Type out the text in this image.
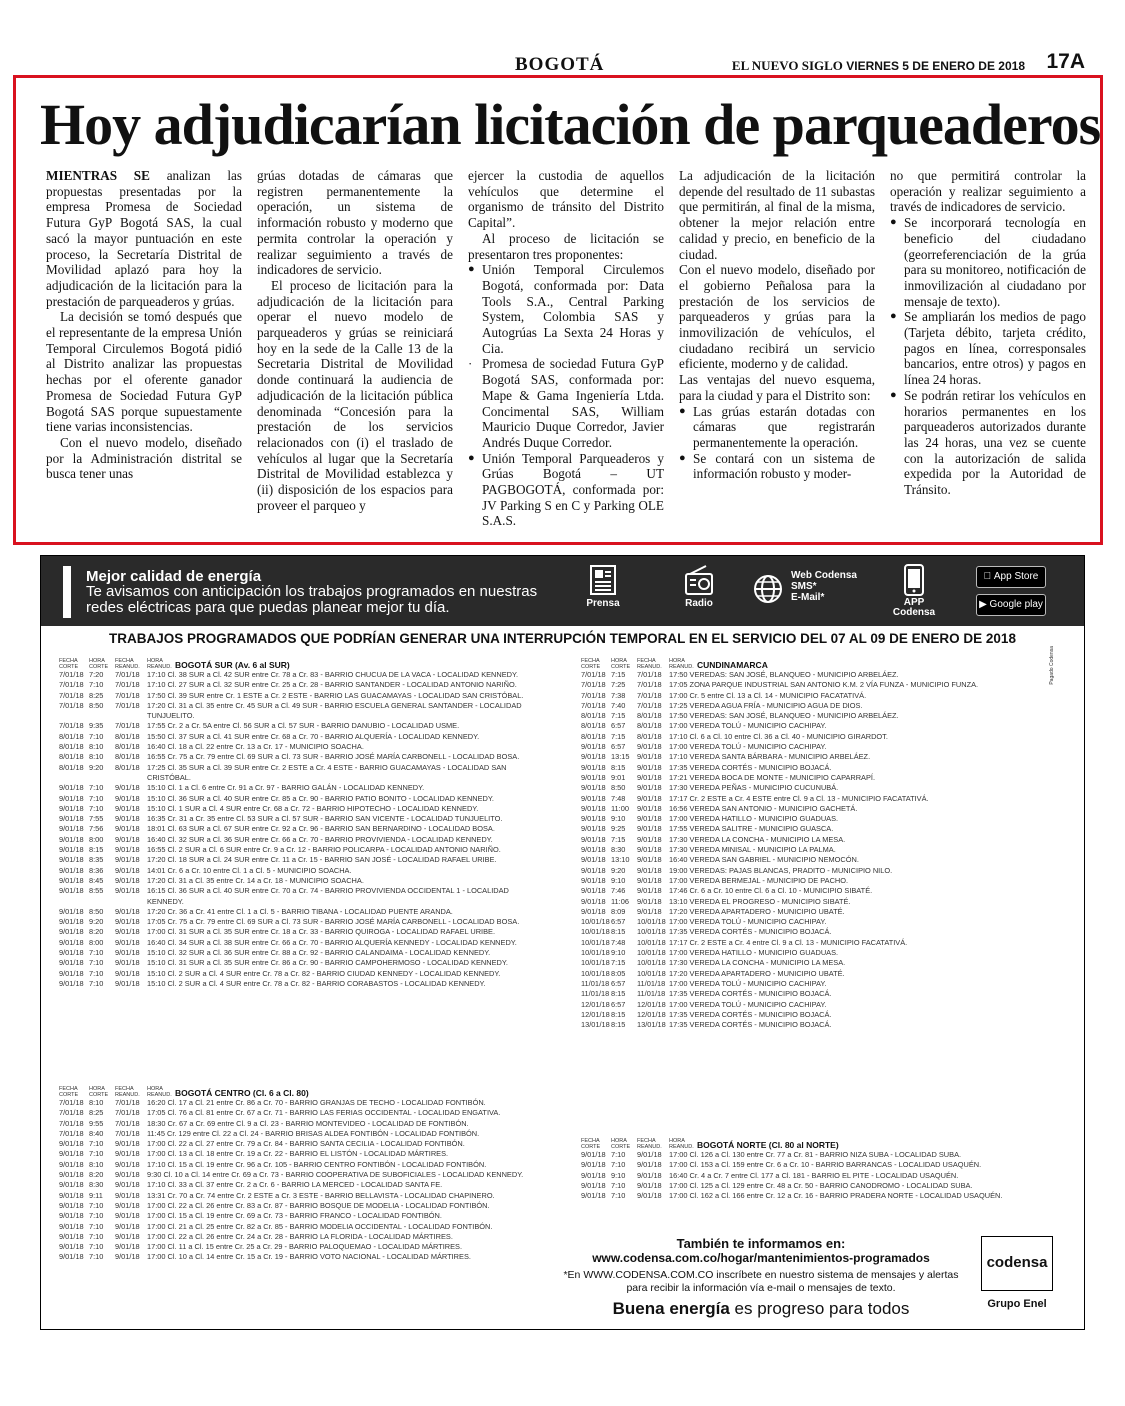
BOGOTÁ	EL NUEVO SIGLO VIERNES 5 DE ENERO DE 2018 17A
Hoy adjudicarían licitación de parqueaderos

MIENTRAS SE analizan las propuestas presentadas por la empresa Promesa de Sociedad Futura GyP Bogotá SAS, la cual sacó la mayor puntuación en este proceso, la Secretaría Distrital de Movilidad aplazó para hoy la adjudicación de la licitación para la prestación de parqueaderos y grúas.

La decisión se tomó después que el representante de la empresa Unión Temporal Circulemos Bogotá pidió al Distrito analizar las propuestas hechas por el oferente ganador Promesa de Sociedad Futura GyP Bogotá SAS porque supuestamente tiene varias inconsistencias.

Con el nuevo modelo, diseñado por la Administración distrital se busca tener unas

grúas dotadas de cámaras que registren permanentemente la operación, un sistema de información robusto y moderno que permita controlar la operación y realizar seguimiento a través de indicadores de servicio.

El proceso de licitación para la adjudicación de la licitación para operar el nuevo modelo de parqueaderos y grúas se reiniciará hoy en la sede de la Calle 13 de la Secretaria Distrital de Movilidad donde continuará la audiencia de adjudicación de la licitación pública denominada “Concesión para la prestación de los servicios relacionados con (i) el traslado de vehículos al lugar que la Secretaría Distrital de Movilidad establezca y (ii) disposición de los espacios para proveer el parqueo y

ejercer la custodia de aquellos vehículos que determine el organismo de tránsito del Distrito Capital”.

Al proceso de licitación se presentaron tres proponentes:

● Unión Temporal Circulemos Bogotá, conformada por: Data Tools S.A., Central Parking System, Colombia SAS y Autogrúas La Sexta 24 Horas y Cia.
· Promesa de sociedad Futura GyP Bogotá SAS, conformada por: Mape & Gama Ingeniería Ltda. Concimental SAS, William Mauricio Duque Corredor, Javier Andrés Duque Corredor.
● Unión Temporal Parqueaderos y Grúas Bogotá – UT PAGBOGOTÁ, conformada por: JV Parking S en C y Parking OLE S.A.S.

La adjudicación de la licitación depende del resultado de 11 subastas que permitirán, al final de la misma, obtener la mejor relación entre calidad y precio, en beneficio de la ciudad.

Con el nuevo modelo, diseñado por el gobierno Peñalosa para la prestación de los servicios de parqueaderos y grúas para la inmovilización de vehículos, el ciudadano recibirá un servicio eficiente, moderno y de calidad.

Las ventajas del nuevo esquema, para la ciudad y para el Distrito son:

● Las grúas estarán dotadas con cámaras que registrarán permanentemente la operación.
● Se contará con un sistema de información robusto y moder-

no que permitirá controlar la operación y realizar seguimiento a través de indicadores de servicio.

● Se incorporará tecnología en beneficio del ciudadano (georreferenciación de la grúa para su monitoreo, notificación de inmovilización al ciudadano por mensaje de texto).
● Se ampliarán los medios de pago (Tarjeta débito, tarjeta crédito, pagos en línea, corresponsales bancarios, entre otros) y pagos en línea 24 horas.
● Se podrán retirar los vehículos en horarios permanentes en los parqueaderos autorizados durante las 24 horas, una vez se cuente con la autorización de salida expedida por la Autoridad de Tránsito.
Mejor calidad de energía
Te avisamos con anticipación los trabajos programados en nuestras redes eléctricas para que puedas planear mejor tu día.	Prensa	Radio
Web Codensa
SMS*
E-Mail*	APP
Codensa
App Store
▶ Google play
TRABAJOS PROGRAMADOS QUE PODRÍAN GENERAR UNA INTERRUPCIÓN TEMPORAL EN EL SERVICIO DEL 07 AL 09 DE ENERO DE 2018
Pagado Codensa
FECHA CORTE
HORA CORTE
FECHA REANUD.
HORA REANUD. BOGOTÁ SUR (Av. 6 al SUR)
7/01/18 7:20	7/01/18 17:10 Cl. 38 SUR a Cl. 42 SUR entre Cr. 78 a Cr. 83 - BARRIO CHUCUA DE LA VACA - LOCALIDAD KENNEDY.
7/01/18 7:10	7/01/18 17:10 Cl. 27 SUR a Cl. 32 SUR entre Cr. 25 a Cr. 28 - BARRIO SANTANDER - LOCALIDAD ANTONIO NARIÑO.
7/01/18 8:25	7/01/18 17:50 Cl. 39 SUR entre Cr. 1 ESTE a Cr. 2 ESTE - BARRIO LAS GUACAMAYAS - LOCALIDAD SAN CRISTÓBAL.
7/01/18 8:50	7/01/18 17:20 Cl. 31 a Cl. 35 entre Cr. 45 SUR a Cl. 49 SUR - BARRIO ESCUELA GENERAL SANTANDER - LOCALIDAD
TUNJUELITO.
7/01/18 9:35	7/01/18 17:55 Cr. 2 a Cr. 5A entre Cl. 56 SUR a Cl. 57 SUR - BARRIO DANUBIO - LOCALIDAD USME.
8/01/18 7:10	8/01/18 15:50 Cl. 37 SUR a Cl. 41 SUR entre Cr. 68 a Cr. 70 - BARRIO ALQUERÍA - LOCALIDAD KENNEDY.
8/01/18 8:10	8/01/18 16:40 Cl. 18 a Cl. 22 entre Cr. 13 a Cr. 17 - MUNICIPIO SOACHA.
8/01/18 8:10	8/01/18 16:55 Cr. 75 a Cr. 79 entre Cl. 69 SUR a Cl. 73 SUR - BARRIO JOSÉ MARÍA CARBONELL - LOCALIDAD BOSA.
8/01/18 9:20	8/01/18 17:25 Cl. 35 SUR a Cl. 39 SUR entre Cr. 2 ESTE a Cr. 4 ESTE - BARRIO GUACAMAYAS - LOCALIDAD SAN
CRISTÓBAL.
9/01/18 7:10	9/01/18 15:10 Cl. 1 a Cl. 6 entre Cr. 91 a Cr. 97 - BARRIO GALÁN - LOCALIDAD KENNEDY.
9/01/18 7:10	9/01/18 15:10 Cl. 36 SUR a Cl. 40 SUR entre Cr. 85 a Cr. 90 - BARRIO PATIO BONITO - LOCALIDAD KENNEDY.
9/01/18 7:10	9/01/18 15:10 Cl. 1 SUR a Cl. 4 SUR entre Cr. 68 a Cr. 72 - BARRIO HIPOTECHO - LOCALIDAD KENNEDY.
9/01/18 7:55	9/01/18 16:35 Cr. 31 a Cr. 35 entre Cl. 53 SUR a Cl. 57 SUR - BARRIO SAN VICENTE - LOCALIDAD TUNJUELITO.
9/01/18 7:56	9/01/18 18:01 Cl. 63 SUR a Cl. 67 SUR entre Cr. 92 a Cr. 96 - BARRIO SAN BERNARDINO - LOCALIDAD BOSA.
9/01/18 8:00	9/01/18 16:40 Cl. 32 SUR a Cl. 36 SUR entre Cr. 66 a Cr. 70 - BARRIO PROVIVIENDA - LOCALIDAD KENNEDY.
9/01/18 8:15	9/01/18 16:55 Cl. 2 SUR a Cl. 6 SUR entre Cr. 9 a Cr. 12 - BARRIO POLICARPA - LOCALIDAD ANTONIO NARIÑO.
9/01/18 8:35	9/01/18 17:20 Cl. 18 SUR a Cl. 24 SUR entre Cr. 11 a Cr. 15 - BARRIO SAN JOSÉ - LOCALIDAD RAFAEL URIBE.
9/01/18 8:36	9/01/18 14:01 Cr. 6 a Cr. 10 entre Cl. 1 a Cl. 5 - MUNICIPIO SOACHA.
9/01/18 8:45	9/01/18 17:20 Cl. 31 a Cl. 35 entre Cr. 14 a Cr. 18 - MUNICIPIO SOACHA.
9/01/18 8:55	9/01/18 16:15 Cl. 36 SUR a Cl. 40 SUR entre Cr. 70 a Cr. 74 - BARRIO PROVIVIENDA OCCIDENTAL 1 - LOCALIDAD
KENNEDY.
9/01/18 8:50	9/01/18 17:20 Cr. 36 a Cr. 41 entre Cl. 1 a Cl. 5 - BARRIO TIBANA - LOCALIDAD PUENTE ARANDA.
9/01/18 9:20	9/01/18 17:05 Cr. 75 a Cr. 79 entre Cl. 69 SUR a Cl. 73 SUR - BARRIO JOSÉ MARÍA CARBONELL - LOCALIDAD BOSA.
9/01/18 8:20	9/01/18 17:00 Cl. 31 SUR a Cl. 35 SUR entre Cr. 18 a Cr. 33 - BARRIO QUIROGA - LOCALIDAD RAFAEL URIBE.
9/01/18 8:00	9/01/18 16:40 Cl. 34 SUR a Cl. 38 SUR entre Cr. 66 a Cr. 70 - BARRIO ALQUERÍA KENNEDY - LOCALIDAD KENNEDY.
9/01/18 7:10	9/01/18 15:10 Cl. 32 SUR a Cl. 36 SUR entre Cr. 88 a Cr. 92 - BARRIO CALANDAIMA - LOCALIDAD KENNEDY.
9/01/18 7:10	9/01/18 15:10 Cl. 31 SUR a Cl. 35 SUR entre Cr. 86 a Cr. 90 - BARRIO CAMPOHERMOSO - LOCALIDAD KENNEDY.
9/01/18 7:10	9/01/18 15:10 Cl. 2 SUR a Cl. 4 SUR entre Cr. 78 a Cr. 82 - BARRIO CIUDAD KENNEDY - LOCALIDAD KENNEDY.
9/01/18 7:10	9/01/18 15:10 Cl. 2 SUR a Cl. 4 SUR entre Cr. 78 a Cr. 82 - BARRIO CORABASTOS - LOCALIDAD KENNEDY.
FECHA CORTE
HORA CORTE
FECHA REANUD.
HORA REANUD. BOGOTÁ CENTRO (Cl. 6 a Cl. 80)
7/01/18 8:10	7/01/18 16:20 Cl. 17 a Cl. 21 entre Cr. 86 a Cr. 70 - BARRIO GRANJAS DE TECHO - LOCALIDAD FONTIBÓN.
7/01/18 8:25	7/01/18 17:05 Cl. 76 a Cl. 81 entre Cr. 67 a Cr. 71 - BARRIO LAS FERIAS OCCIDENTAL - LOCALIDAD ENGATIVA.
7/01/18 9:55	7/01/18 18:30 Cr. 67 a Cr. 69 entre Cl. 9 a Cl. 23 - BARRIO MONTEVIDEO - LOCALIDAD DE FONTIBÓN.
7/01/18 8:40	7/01/18 11:45 Cr. 129 entre Cl. 22 a Cl. 24 - BARRIO BRISAS ALDEA FONTIBÓN - LOCALIDAD FONTIBÓN.
9/01/18 7:10	9/01/18 17:00 Cl. 22 a Cl. 27 entre Cr. 79 a Cr. 84 - BARRIO SANTA CECILIA - LOCALIDAD FONTIBÓN.
9/01/18 7:10	9/01/18 17:00 Cl. 13 a Cl. 18 entre Cr. 19 a Cr. 22 - BARRIO EL LISTÓN - LOCALIDAD MÁRTIRES.
9/01/18 8:10	9/01/18 17:10 Cl. 15 a Cl. 19 entre Cr. 96 a Cr. 105 - BARRIO CENTRO FONTIBÓN - LOCALIDAD FONTIBÓN.
9/01/18 8:20	9/01/18 9:30 Cl. 10 a Cl. 14 entre Cr. 69 a Cr. 73 - BARRIO COOPERATIVA DE SUBOFICIALES - LOCALIDAD KENNEDY.
9/01/18 8:30	9/01/18 17:10 Cl. 33 a Cl. 37 entre Cr. 2 a Cr. 6 - BARRIO LA MERCED - LOCALIDAD SANTA FE.
9/01/18 9:11	9/01/18 13:31 Cr. 70 a Cr. 74 entre Cr. 2 ESTE a Cr. 3 ESTE - BARRIO BELLAVISTA - LOCALIDAD CHAPINERO.
9/01/18 7:10	9/01/18 17:00 Cl. 22 a Cl. 26 entre Cr. 83 a Cr. 87 - BARRIO BOSQUE DE MODELIA - LOCALIDAD FONTIBÓN.
9/01/18 7:10	9/01/18 17:00 Cl. 15 a Cl. 19 entre Cr. 69 a Cr. 73 - BARRIO FRANCO - LOCALIDAD FONTIBÓN.
9/01/18 7:10	9/01/18 17:00 Cl. 21 a Cl. 25 entre Cr. 82 a Cr. 85 - BARRIO MODELIA OCCIDENTAL - LOCALIDAD FONTIBÓN.
9/01/18 7:10	9/01/18 17:00 Cl. 22 a Cl. 26 entre Cr. 24 a Cr. 28 - BARRIO LA FLORIDA - LOCALIDAD MÁRTIRES.
9/01/18 7:10	9/01/18 17:00 Cl. 11 a Cl. 15 entre Cr. 25 a Cr. 29 - BARRIO PALOQUEMAO - LOCALIDAD MÁRTIRES.
9/01/18 7:10	9/01/18 17:00 Cl. 10 a Cl. 14 entre Cr. 15 a Cr. 19 - BARRIO VOTO NACIONAL - LOCALIDAD MÁRTIRES.
FECHA CORTE
HORA CORTE
FECHA REANUD.
HORA REANUD. CUNDINAMARCA
7/01/18 7:15	7/01/18 17:50 VEREDAS: SAN JOSÉ, BLANQUEO - MUNICIPIO ARBELÁEZ.
7/01/18 7:25	7/01/18 17:05 ZONA PARQUE INDUSTRIAL SAN ANTONIO K.M. 2 VÍA FUNZA - MUNICIPIO FUNZA.
7/01/18 7:38	7/01/18 17:00 Cr. 5 entre Cl. 13 a Cl. 14 - MUNICIPIO FACATATIVÁ.
7/01/18 7:40	7/01/18 17:25 VEREDA AGUA FRÍA - MUNICIPIO AGUA DE DIOS.
8/01/18 7:15	8/01/18 17:50 VEREDAS: SAN JOSÉ, BLANQUEO - MUNICIPIO ARBELÁEZ.
8/01/18 6:57	8/01/18 17:00 VEREDA TOLÚ - MUNICIPIO CACHIPAY.
8/01/18 7:15	8/01/18 17:10 Cl. 6 a Cl. 10 entre Cl. 36 a Cl. 40 - MUNICIPIO GIRARDOT.
9/01/18 6:57	9/01/18 17:00 VEREDA TOLÚ - MUNICIPIO CACHIPAY.
9/01/18 13:15	9/01/18 17:10 VEREDA SANTA BÁRBARA - MUNICIPIO ARBELÁEZ.
9/01/18 8:15	9/01/18 17:35 VEREDA CORTÉS - MUNICIPIO BOJACÁ.
9/01/18 9:01	9/01/18 17:21 VEREDA BOCA DE MONTE - MUNICIPIO CAPARRAPÍ.
9/01/18 8:50	9/01/18 17:30 VEREDA PEÑAS - MUNICIPIO CUCUNUBÁ.
9/01/18 7:48	9/01/18 17:17 Cr. 2 ESTE a Cr. 4 ESTE entre Cl. 9 a Cl. 13 - MUNICIPIO FACATATIVÁ.
9/01/18 11:00	9/01/18 16:56 VEREDA SAN ANTONIO - MUNICIPIO GACHETÁ.
9/01/18 9:10	9/01/18 17:00 VEREDA HATILLO - MUNICIPIO GUADUAS.
9/01/18 9:25	9/01/18 17:55 VEREDA SALITRE - MUNICIPIO GUASCA.
9/01/18 7:15	9/01/18 17:30 VEREDA LA CONCHA - MUNICIPIO LA MESA.
9/01/18 8:30	9/01/18 17:30 VEREDA MINISAL - MUNICIPIO LA PALMA.
9/01/18 13:10	9/01/18 16:40 VEREDA SAN GABRIEL - MUNICIPIO NEMOCÓN.
9/01/18 9:20	9/01/18 19:00 VEREDAS: PAJAS BLANCAS, PRADITO - MUNICIPIO NILO.
9/01/18 9:10	9/01/18 17:00 VEREDA BERMEJAL - MUNICIPIO DE PACHO.
9/01/18 7:46	9/01/18 17:46 Cr. 6 a Cr. 10 entre Cl. 6 a Cl. 10 - MUNICIPIO SIBATÉ.
9/01/18 11:06	9/01/18 13:10 VEREDA EL PROGRESO - MUNICIPIO SIBATÉ.
9/01/18 8:09	9/01/18 17:20 VEREDA APARTADERO - MUNICIPIO UBATÉ.
10/01/18 6:57	10/01/18 17:00 VEREDA TOLÚ - MUNICIPIO CACHIPAY.
10/01/18 8:15	10/01/18 17:35 VEREDA CORTÉS - MUNICIPIO BOJACÁ.
10/01/18 7:48	10/01/18 17:17 Cr. 2 ESTE a Cr. 4 entre Cl. 9 a Cl. 13 - MUNICIPIO FACATATIVÁ.
10/01/18 9:10	10/01/18 17:00 VEREDA HATILLO - MUNICIPIO GUADUAS.
10/01/18 7:15	10/01/18 17:30 VEREDA LA CONCHA - MUNICIPIO LA MESA.
10/01/18 8:05	10/01/18 17:20 VEREDA APARTADERO - MUNICIPIO UBATÉ.
11/01/18 6:57	11/01/18 17:00 VEREDA TOLÚ - MUNICIPIO CACHIPAY.
11/01/18 8:15	11/01/18 17:35 VEREDA CORTÉS - MUNICIPIO BOJACÁ.
12/01/18 6:57	12/01/18 17:00 VEREDA TOLÚ - MUNICIPIO CACHIPAY.
12/01/18 8:15	12/01/18 17:35 VEREDA CORTÉS - MUNICIPIO BOJACÁ.
13/01/18 8:15	13/01/18 17:35 VEREDA CORTÉS - MUNICIPIO BOJACÁ.
FECHA CORTE
HORA CORTE
FECHA REANUD.
HORA REANUD. BOGOTÁ NORTE (Cl. 80 al NORTE)
9/01/18 7:10	9/01/18 17:00 Cl. 126 a Cl. 130 entre Cr. 77 a Cr. 81 - BARRIO NIZA SUBA - LOCALIDAD SUBA.
9/01/18 7:10	9/01/18 17:00 Cl. 153 a Cl. 159 entre Cr. 6 a Cr. 10 - BARRIO BARRANCAS - LOCALIDAD USAQUÉN.
9/01/18 9:10	9/01/18 16:40 Cr. 4 a Cr. 7 entre Cl. 177 a Cl. 181 - BARRIO EL PITE - LOCALIDAD USAQUÉN.
9/01/18 7:10	9/01/18 17:00 Cl. 125 a Cl. 129 entre Cr. 48 a Cr. 50 - BARRIO CANODROMO - LOCALIDAD SUBA.
9/01/18 7:10	9/01/18 17:00 Cl. 162 a Cl. 166 entre Cr. 12 a Cr. 16 - BARRIO PRADERA NORTE - LOCALIDAD USAQUÉN.
También te informamos en:
www.codensa.com.co/hogar/mantenimientos-programados
*En WWW.CODENSA.COM.CO inscríbete en nuestro sistema de mensajes y alertas para recibir la información vía e-mail o mensajes de texto.
Buena energía es progreso para todos
codensa
Grupo Enel
